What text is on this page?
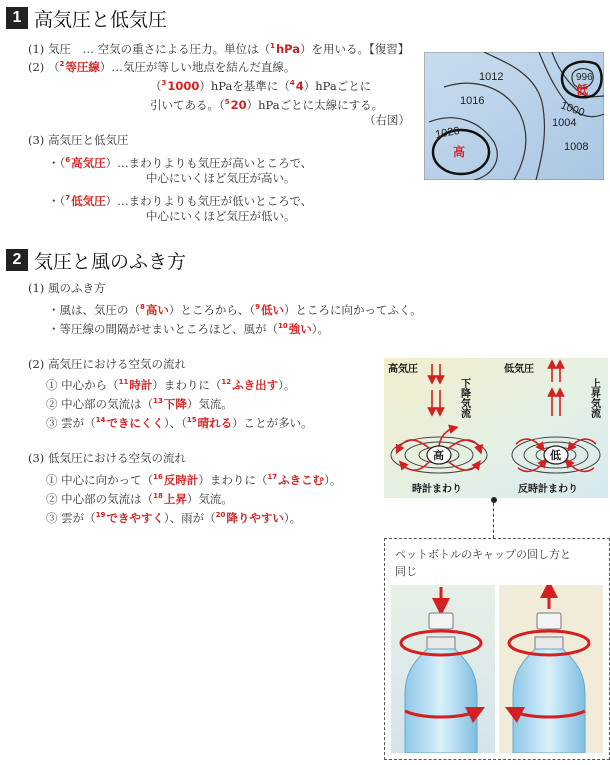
1 高気圧と低気圧
(1) 気圧　… 空気の重さによる圧力。単位は（$^1$hPa）を用いる。【復習】
(2) （$^2$等圧線）…気圧が等しい地点を結んだ直線。
（$^3$1000）hPaを基準に（$^4$4）hPaごとに
引いてある。（$^5$20）hPaごとに太線にする。
（右図）
(3) 高気圧と低気圧
・（$^6$高気圧）…まわりよりも気圧が高いところで、
中心にいくほど気圧が高い。
・（$^7$低気圧）…まわりよりも気圧が低いところで、
中心にいくほど気圧が低い。
1012
1016
1020
996
1000
1004
1008
高
低
2 気圧と風のふき方
(1) 風のふき方
・風は、気圧の（$^8$高い）ところから、（$^9$低い）ところに向かってふく。
・等圧線の間隔がせまいところほど、風が（$^{10}$強い）。
(2) 高気圧における空気の流れ
① 中心から（$^{11}$時計）まわりに（$^{12}$ふき出す）。
② 中心部の気流は（$^{13}$下降）気流。
③ 雲が（$^{14}$できにくく）、（$^{15}$晴れる）ことが多い。
(3) 低気圧における空気の流れ
① 中心に向かって（$^{16}$反時計）まわりに（$^{17}$ふきこむ）。
② 中心部の気流は（$^{18}$上昇）気流。
③ 雲が（$^{19}$できやすく）、雨が（$^{20}$降りやすい）。
高気圧	低気圧
下降気流	上昇気流
高	低
時計まわり	反時計まわり
ペットボトルのキャップの回し方と
同じ
